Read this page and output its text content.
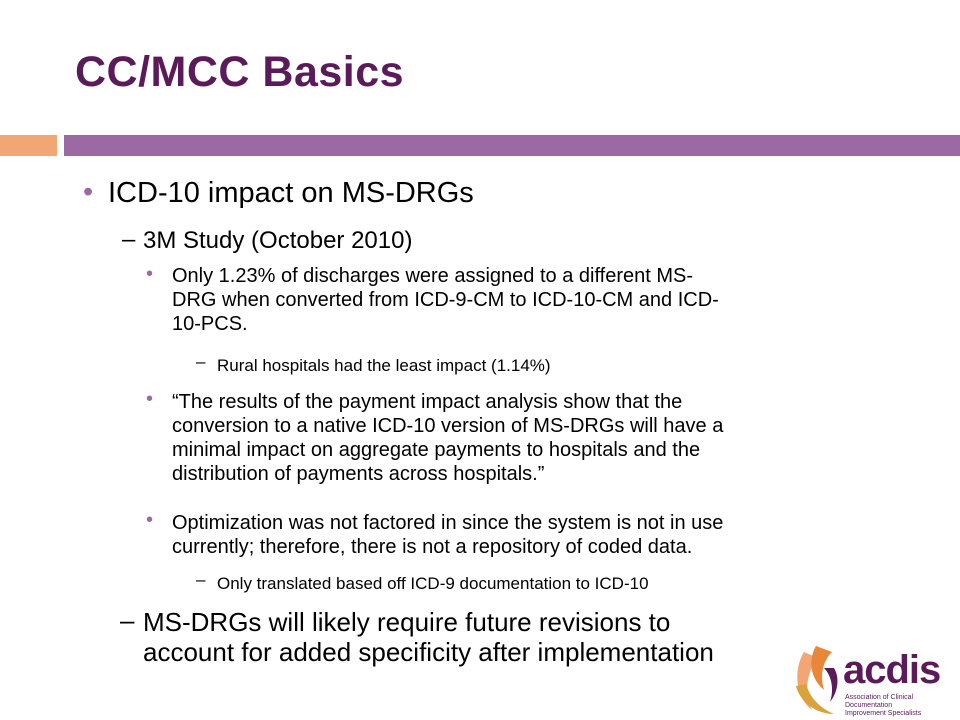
CC/MCC Basics
• ICD-10 impact on MS-DRGs
– 3M Study (October 2010)
• Only 1.23% of discharges were assigned to a different MS-
DRG when converted from ICD-9-CM to ICD-10-CM and ICD-
10-PCS.
– Rural hospitals had the least impact (1.14%)
• “The results of the payment impact analysis show that the
conversion to a native ICD-10 version of MS-DRGs will have a
minimal impact on aggregate payments to hospitals and the
distribution of payments across hospitals.”
• Optimization was not factored in since the system is not in use
currently; therefore, there is not a repository of coded data.
– Only translated based off ICD-9 documentation to ICD-10
– MS-DRGs will likely require future revisions to
account for added specificity after implementation	acdis
Association of Clinical Documentation
Improvement Specialists
